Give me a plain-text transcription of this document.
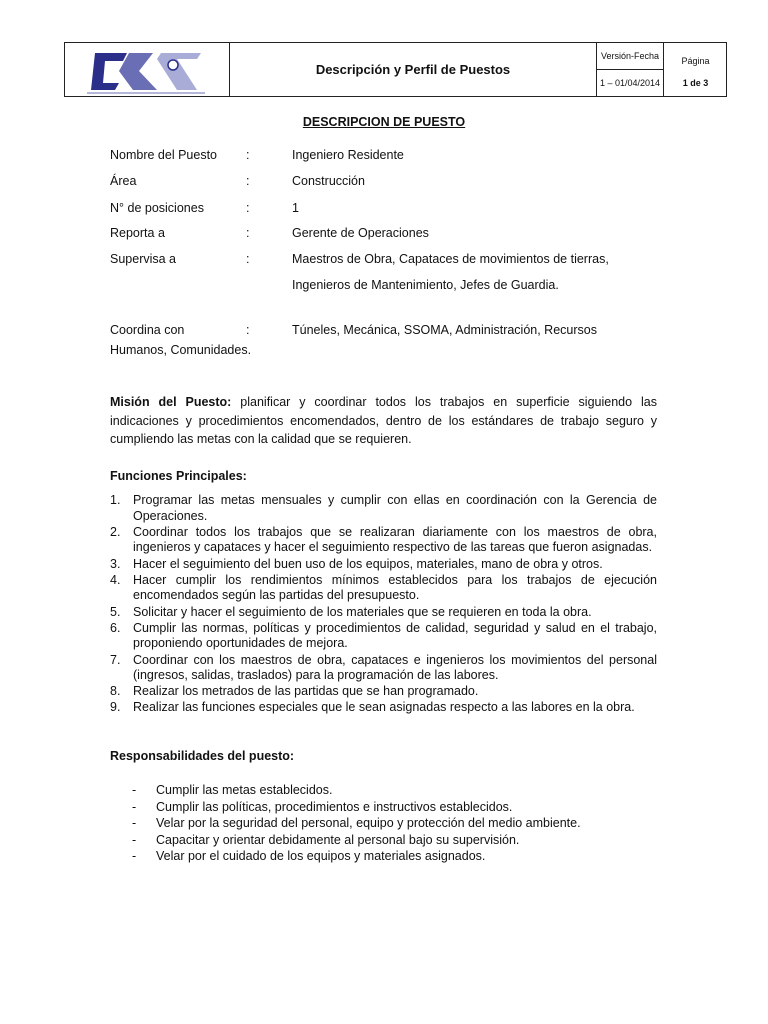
Descripción y Perfil de Puestos
Versión-Fecha
1 – 01/04/2014
Página
1 de 3
DESCRIPCION DE PUESTO
Nombre del Puesto :	Ingeniero Residente
Área	:	Construcción
N° de posiciones	:	1
Reporta a	:	Gerente de Operaciones
Supervisa a	:	Maestros de Obra, Capataces de movimientos de tierras,
Ingenieros de Mantenimiento, Jefes de Guardia.
Coordina con	:	Túneles, Mecánica, SSOMA, Administración, Recursos
Humanos, Comunidades.
Misión del Puesto: planificar y coordinar todos los trabajos en superficie siguiendo las indicaciones y procedimientos encomendados, dentro de los estándares de trabajo seguro y cumpliendo las metas con la calidad que se requieren.
Funciones Principales:
1. Programar las metas mensuales y cumplir con ellas en coordinación con la Gerencia de Operaciones.
2. Coordinar todos los trabajos que se realizaran diariamente con los maestros de obra, ingenieros y capataces y hacer el seguimiento respectivo de las tareas que fueron asignadas.
3. Hacer el seguimiento del buen uso de los equipos, materiales, mano de obra y otros.
4. Hacer cumplir los rendimientos mínimos establecidos para los trabajos de ejecución encomendados según las partidas del presupuesto.
5. Solicitar y hacer el seguimiento de los materiales que se requieren en toda la obra.
6. Cumplir las normas, políticas y procedimientos de calidad, seguridad y salud en el trabajo, proponiendo oportunidades de mejora.
7. Coordinar con los maestros de obra, capataces e ingenieros los movimientos del personal (ingresos, salidas, traslados) para la programación de las labores.
8. Realizar los metrados de las partidas que se han programado.
9. Realizar las funciones especiales que le sean asignadas respecto a las labores en la obra.
Responsabilidades del puesto:
- Cumplir las metas establecidos.
- Cumplir las políticas, procedimientos e instructivos establecidos.
- Velar por la seguridad del personal, equipo y protección del medio ambiente.
- Capacitar y orientar debidamente al personal bajo su supervisión.
- Velar por el cuidado de los equipos y materiales asignados.
